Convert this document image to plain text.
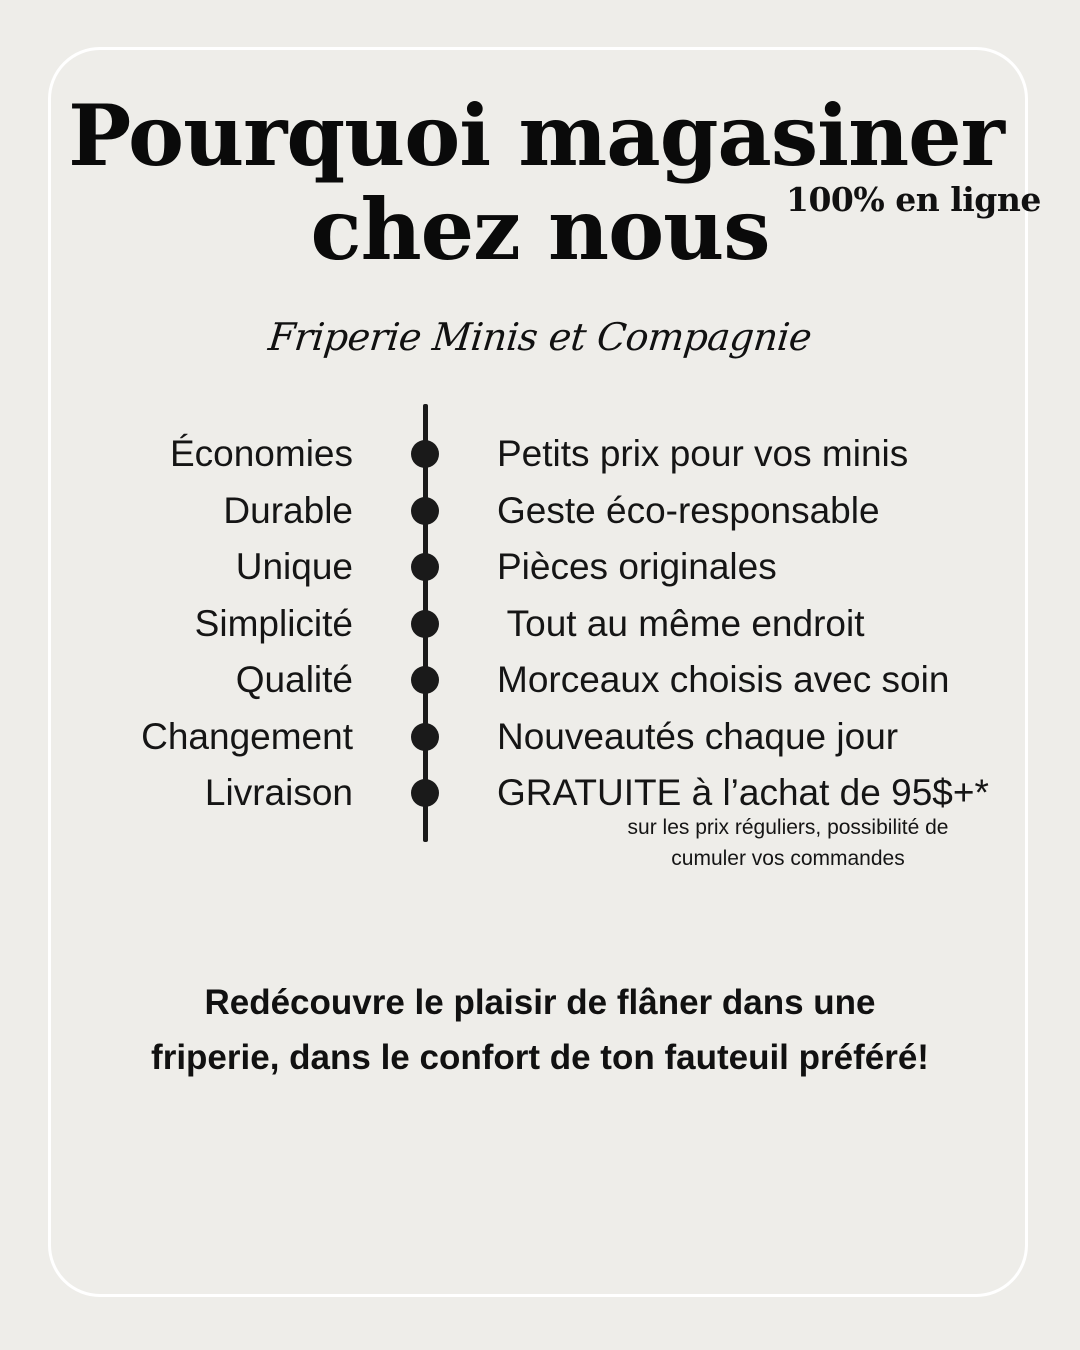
Pourquoi magasiner
chez nous 100% en ligne
Friperie Minis et Compagnie
Économies	Petits prix pour vos minis
Durable	Geste éco-responsable
Unique	Pièces originales
Simplicité	Tout au même endroit
Qualité	Morceaux choisis avec soin
Changement	Nouveautés chaque jour
Livraison	GRATUITE à l’achat de 95$+*
sur les prix réguliers, possibilité de
cumuler vos commandes
Redécouvre le plaisir de flâner dans une friperie, dans le confort de ton fauteuil préféré!
